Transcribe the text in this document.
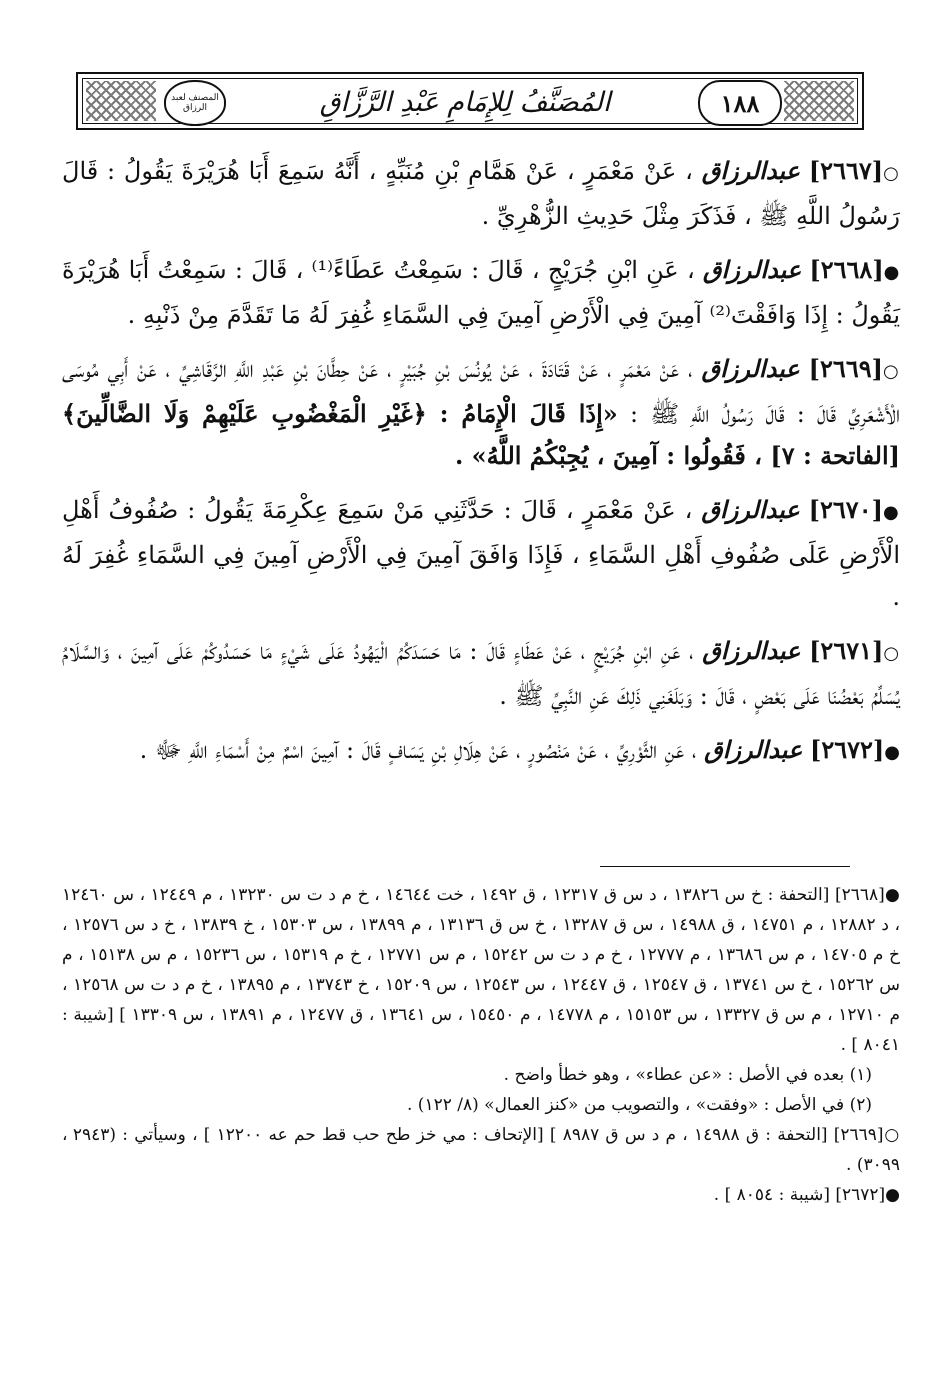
المصنف لعبد الرزاق	المُصَنَّفُ لِلإِمَامِ عَبْدِ الرَّزَّاقِ	١٨٨

○[٢٦٦٧] عبدالرزاق ، عَنْ مَعْمَرٍ ، عَنْ هَمَّامِ بْنِ مُنَبِّهٍ ، أَنَّهُ سَمِعَ أَبَا هُرَيْرَةَ يَقُولُ : قَالَ رَسُولُ اللَّهِ ﷺ ، فَذَكَرَ مِثْلَ حَدِيثِ الزُّهْرِيِّ .

●[٢٦٦٨] عبدالرزاق ، عَنِ ابْنِ جُرَيْجٍ ، قَالَ : سَمِعْتُ عَطَاءً⁽¹⁾ ، قَالَ : سَمِعْتُ أَبَا هُرَيْرَةَ يَقُولُ : إِذَا وَافَقْتَ⁽²⁾ آمِينَ فِي الْأَرْضِ آمِينَ فِي السَّمَاءِ غُفِرَ لَهُ مَا تَقَدَّمَ مِنْ ذَنْبِهِ .

○[٢٦٦٩] عبدالرزاق ، عَنْ مَعْمَرٍ ، عَنْ قَتَادَةَ ، عَنْ يُونُسَ بْنِ جُبَيْرٍ ، عَنْ حِطَّانَ بْنِ عَبْدِ اللَّهِ الرَّقَاشِيِّ ، عَنْ أَبِي مُوسَى الْأَشْعَرِيِّ قَالَ : قَالَ رَسُولُ اللَّهِ ﷺ : «إِذَا قَالَ الْإِمَامُ : ﴿غَيْرِ الْمَغْضُوبِ عَلَيْهِمْ وَلَا الضَّالِّينَ﴾ [الفاتحة : ٧] ، فَقُولُوا : آمِينَ ، يُجِبْكُمُ اللَّهُ» .

●[٢٦٧٠] عبدالرزاق ، عَنْ مَعْمَرٍ ، قَالَ : حَدَّثَنِي مَنْ سَمِعَ عِكْرِمَةَ يَقُولُ : صُفُوفُ أَهْلِ الْأَرْضِ عَلَى صُفُوفِ أَهْلِ السَّمَاءِ ، فَإِذَا وَافَقَ آمِينَ فِي الْأَرْضِ آمِينَ فِي السَّمَاءِ غُفِرَ لَهُ .

○[٢٦٧١] عبدالرزاق ، عَنِ ابْنِ جُرَيْجٍ ، عَنْ عَطَاءٍ قَالَ : مَا حَسَدَكُمُ الْيَهُودُ عَلَى شَيْءٍ مَا حَسَدُوكُمْ عَلَى آمِينَ ، وَالسَّلَامُ يُسَلِّمُ بَعْضُنَا عَلَى بَعْضٍ ، قَالَ : وَبَلَغَنِي ذَلِكَ عَنِ النَّبِيِّ ﷺ .

●[٢٦٧٢] عبدالرزاق ، عَنِ الثَّوْرِيِّ ، عَنْ مَنْصُورٍ ، عَنْ هِلَالِ بْنِ يَسَافٍ قَالَ : آمِينَ اسْمٌ مِنْ أَسْمَاءِ اللَّهِ ﷻ .

●[٢٦٦٨] [التحفة : خ س ١٣٨٢٦ ، د س ق ١٢٣١٧ ، ق ١٤٩٢ ، خت ١٤٦٤٤ ، خ م د ت س ١٣٢٣٠ ، م ١٢٤٤٩ ، س ١٢٤٦٠ ، د ١٢٨٨٢ ، م ١٤٧٥١ ، ق ١٤٩٨٨ ، س ق ١٣٢٨٧ ، خ س ق ١٣١٣٦ ، م ١٣٨٩٩ ، س ١٥٣٠٣ ، خ ١٣٨٣٩ ، خ د س ١٢٥٧٦ ، خ م ١٤٧٠٥ ، م س ١٣٦٨٦ ، م ١٢٧٧٧ ، خ م د ت س ١٥٢٤٢ ، م س ١٢٧٧١ ، خ م ١٥٣١٩ ، س ١٥٢٣٦ ، م س ١٥١٣٨ ، م س ١٥٢٦٢ ، خ س ١٣٧٤١ ، ق ١٢٥٤٧ ، ق ١٢٤٤٧ ، س ١٢٥٤٣ ، س ١٥٢٠٩ ، خ ١٣٧٤٣ ، م ١٣٨٩٥ ، خ م د ت س ١٢٥٦٨ ، م ١٢٧١٠ ، م س ق ١٣٣٢٧ ، س ١٥١٥٣ ، م ١٤٧٧٨ ، م ١٥٤٥٠ ، س ١٣٦٤١ ، ق ١٢٤٧٧ ، م ١٣٨٩١ ، س ١٣٣٠٩ ] [شيبة : ٨٠٤١ ] .

(١) بعده في الأصل : «عن عطاء» ، وهو خطأ واضح .

(٢) في الأصل : «وفقت» ، والتصويب من «كنز العمال» (٨/ ١٢٢) .

○[٢٦٦٩] [التحفة : ق ١٤٩٨٨ ، م د س ق ٨٩٨٧ ] [الإتحاف : مي خز طح حب قط حم عه ١٢٢٠٠ ] ، وسيأتي : (٢٩٤٣ ، ٣٠٩٩) .

●[٢٦٧٢] [شيبة : ٨٠٥٤ ] .
